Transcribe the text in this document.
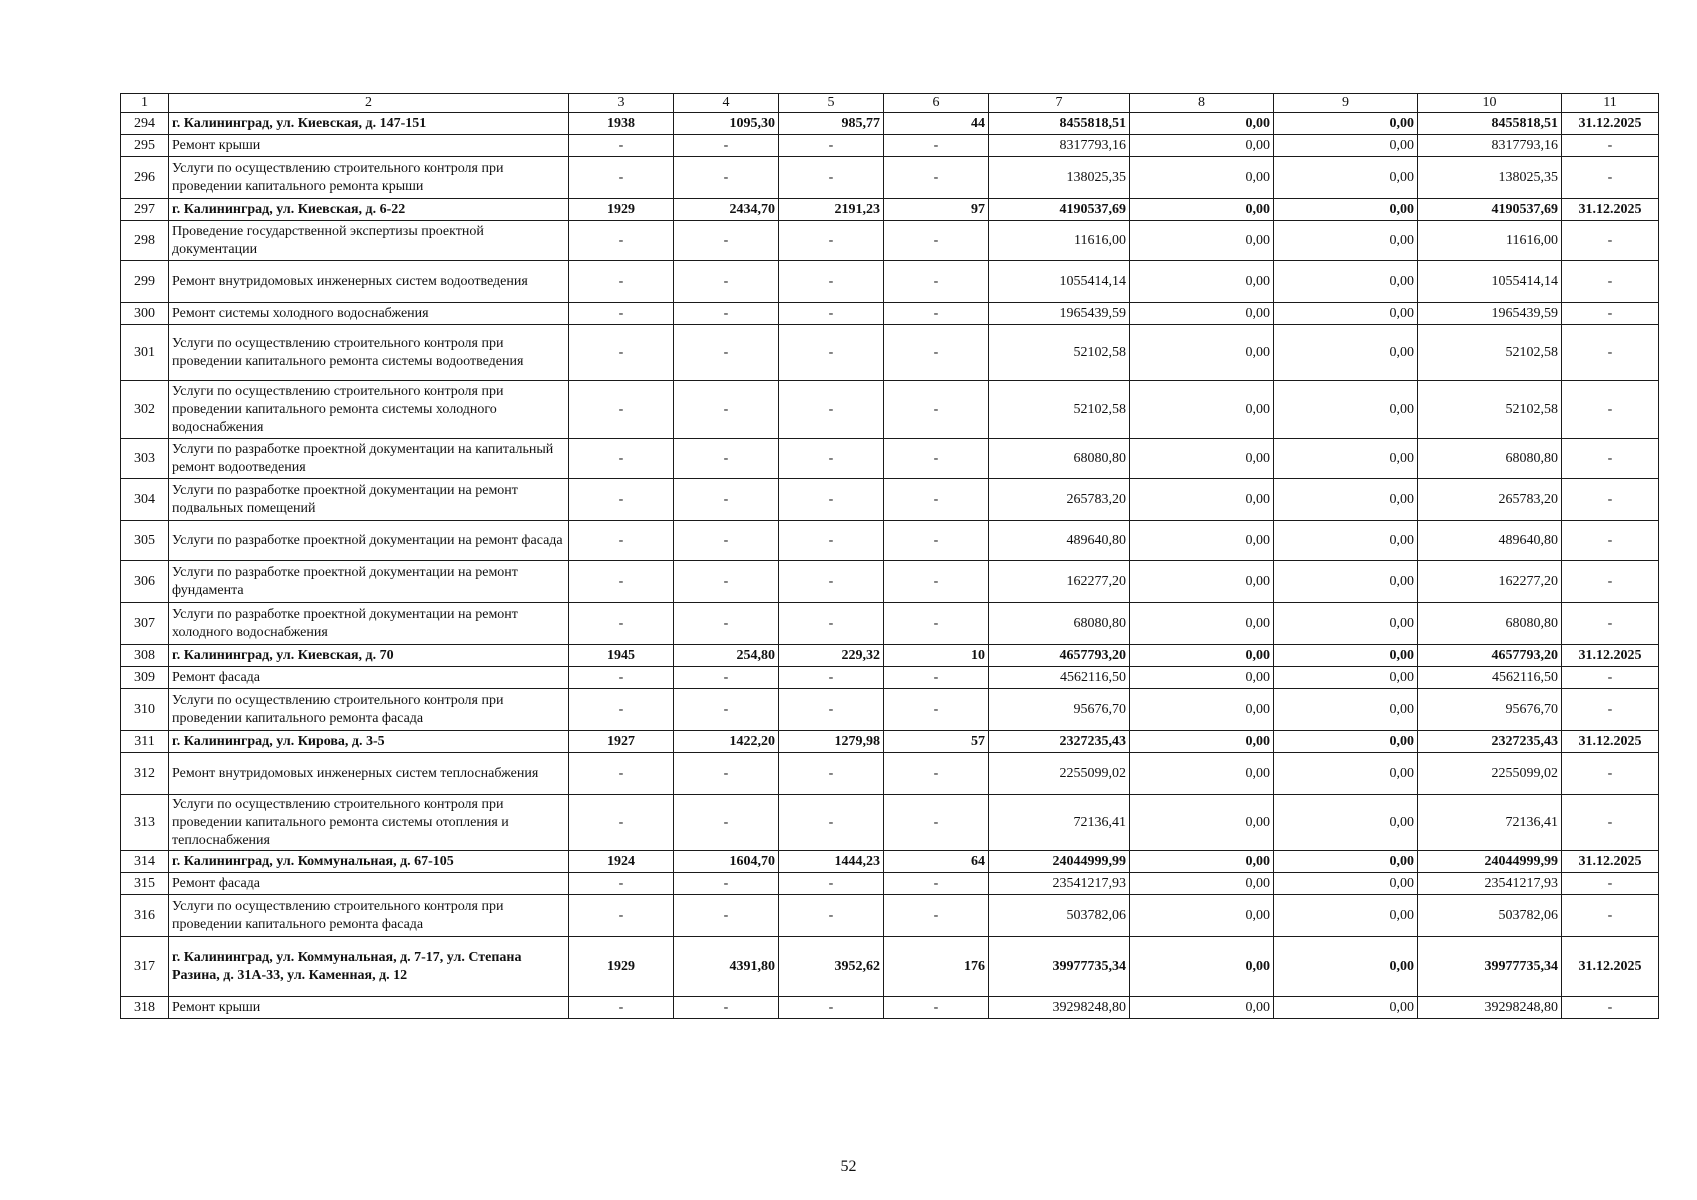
1	2	3	4	5	6	7	8	9	10	11
294	г. Калининград, ул. Киевская, д. 147-151	1938	1095,30	985,77	44	8455818,51	0,00	0,00	8455818,51	31.12.2025
295	Ремонт крыши	-	-	-	-	8317793,16	0,00	0,00	8317793,16	-
296	Услуги по осуществлению строительного контроля при проведении капитального ремонта крыши	-	-	-	-	138025,35	0,00	0,00	138025,35	-
297	г. Калининград, ул. Киевская, д. 6-22	1929	2434,70	2191,23	97	4190537,69	0,00	0,00	4190537,69	31.12.2025
298	Проведение государственной экспертизы проектной документации	-	-	-	-	11616,00	0,00	0,00	11616,00	-
299	Ремонт внутридомовых инженерных систем водоотведения	-	-	-	-	1055414,14	0,00	0,00	1055414,14	-
300	Ремонт системы холодного водоснабжения	-	-	-	-	1965439,59	0,00	0,00	1965439,59	-
301	Услуги по осуществлению строительного контроля при проведении капитального ремонта системы водоотведения	-	-	-	-	52102,58	0,00	0,00	52102,58	-
302	Услуги по осуществлению строительного контроля при проведении капитального ремонта системы холодного водоснабжения	-	-	-	-	52102,58	0,00	0,00	52102,58	-
303	Услуги по разработке проектной документации на капитальный ремонт водоотведения	-	-	-	-	68080,80	0,00	0,00	68080,80	-
304	Услуги по разработке проектной документации на ремонт подвальных помещений	-	-	-	-	265783,20	0,00	0,00	265783,20	-
305	Услуги по разработке проектной документации на ремонт фасада	-	-	-	-	489640,80	0,00	0,00	489640,80	-
306	Услуги по разработке проектной документации на ремонт фундамента	-	-	-	-	162277,20	0,00	0,00	162277,20	-
307	Услуги по разработке проектной документации на ремонт холодного водоснабжения	-	-	-	-	68080,80	0,00	0,00	68080,80	-
308	г. Калининград, ул. Киевская, д. 70	1945	254,80	229,32	10	4657793,20	0,00	0,00	4657793,20	31.12.2025
309	Ремонт фасада	-	-	-	-	4562116,50	0,00	0,00	4562116,50	-
310	Услуги по осуществлению строительного контроля при проведении капитального ремонта фасада	-	-	-	-	95676,70	0,00	0,00	95676,70	-
311	г. Калининград, ул. Кирова, д. 3-5	1927	1422,20	1279,98	57	2327235,43	0,00	0,00	2327235,43	31.12.2025
312	Ремонт внутридомовых инженерных систем теплоснабжения	-	-	-	-	2255099,02	0,00	0,00	2255099,02	-
313	Услуги по осуществлению строительного контроля при проведении капитального ремонта системы отопления и теплоснабжения	-	-	-	-	72136,41	0,00	0,00	72136,41	-
314	г. Калининград, ул. Коммунальная, д. 67-105	1924	1604,70	1444,23	64	24044999,99	0,00	0,00	24044999,99	31.12.2025
315	Ремонт фасада	-	-	-	-	23541217,93	0,00	0,00	23541217,93	-
316	Услуги по осуществлению строительного контроля при проведении капитального ремонта фасада	-	-	-	-	503782,06	0,00	0,00	503782,06	-
317	г. Калининград, ул. Коммунальная, д. 7-17, ул. Степана Разина, д. 31А-33, ул. Каменная, д. 12	1929	4391,80	3952,62	176	39977735,34	0,00	0,00	39977735,34	31.12.2025
318	Ремонт крыши	-	-	-	-	39298248,80	0,00	0,00	39298248,80	-
52
